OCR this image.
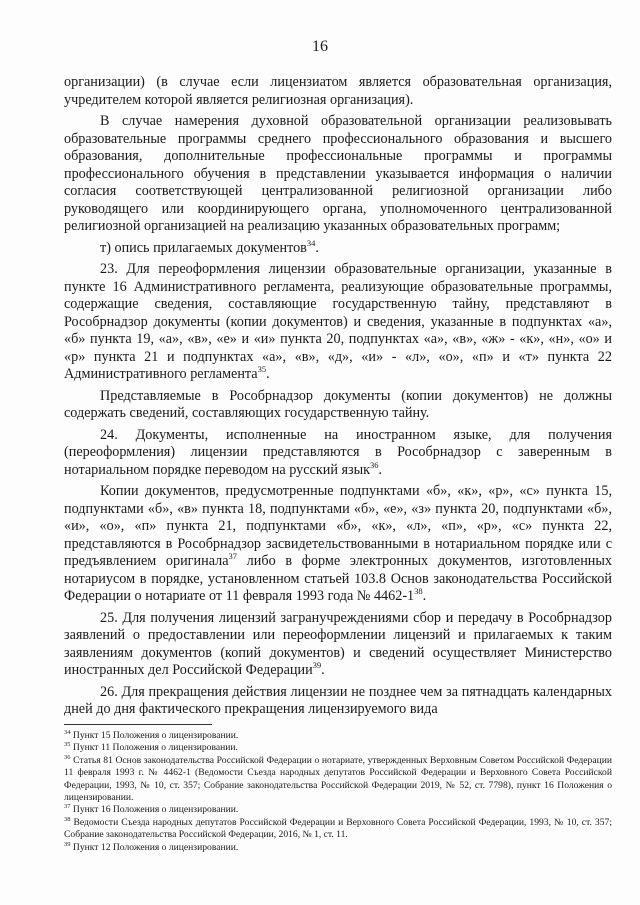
16

организации) (в случае если лицензиатом является образовательная организация, учредителем которой является религиозная организация).

В случае намерения духовной образовательной организации реализовывать образовательные программы среднего профессионального образования и высшего образования, дополнительные профессиональные программы и программы профессионального обучения в представлении указывается информация о наличии согласия соответствующей централизованной религиозной организации либо руководящего или координирующего органа, уполномоченного централизованной религиозной организацией на реализацию указанных образовательных программ;

т) опись прилагаемых документов$^{34}$.

23. Для переоформления лицензии образовательные организации, указанные в пункте 16 Административного регламента, реализующие образовательные программы, содержащие сведения, составляющие государственную тайну, представляют в Рособрнадзор документы (копии документов) и сведения, указанные в подпунктах «а», «б» пункта 19, «а», «в», «е» и «и» пункта 20, подпунктах «а», «в», «ж» - «к», «н», «о» и «р» пункта 21 и подпунктах «а», «в», «д», «и» - «л», «о», «п» и «т» пункта 22 Административного регламента$^{35}$.

Представляемые в Рособрнадзор документы (копии документов) не должны содержать сведений, составляющих государственную тайну.

24. Документы, исполненные на иностранном языке, для получения (переоформления) лицензии представляются в Рособрнадзор с заверенным в нотариальном порядке переводом на русский язык$^{36}$.

Копии документов, предусмотренные подпунктами «б», «к», «р», «с» пункта 15, подпунктами «б», «в» пункта 18, подпунктами «б», «е», «з» пункта 20, подпунктами «б», «и», «о», «п» пункта 21, подпунктами «б», «к», «л», «п», «р», «с» пункта 22, представляются в Рособрнадзор засвидетельствованными в нотариальном порядке или с предъявлением оригинала$^{37}$ либо в форме электронных документов, изготовленных нотариусом в порядке, установленном статьей 103.8 Основ законодательства Российской Федерации о нотариате от 11 февраля 1993 года № 4462-1$^{38}$.

25. Для получения лицензий загранучреждениями сбор и передачу в Рособрнадзор заявлений о предоставлении или переоформлении лицензий и прилагаемых к таким заявлениям документов (копий документов) и сведений осуществляет Министерство иностранных дел Российской Федерации$^{39}$.

26. Для прекращения действия лицензии не позднее чем за пятнадцать календарных дней до дня фактического прекращения лицензируемого вида

$^{34}$ Пункт 15 Положения о лицензировании.

$^{35}$ Пункт 11 Положения о лицензировании.

$^{36}$ Статья 81 Основ законодательства Российской Федерации о нотариате, утвержденных Верховным Советом Российской Федерации 11 февраля 1993 г. № 4462-1 (Ведомости Съезда народных депутатов Российской Федерации и Верховного Совета Российской Федерации, 1993, № 10, ст. 357; Собрание законодательства Российской Федерации 2019, № 52, ст. 7798), пункт 16 Положения о лицензировании.

$^{37}$ Пункт 16 Положения о лицензировании.

$^{38}$ Ведомости Съезда народных депутатов Российской Федерации и Верховного Совета Российской Федерации, 1993, № 10, ст. 357; Собрание законодательства Российской Федерации, 2016, № 1, ст. 11.

$^{39}$ Пункт 12 Положения о лицензировании.
